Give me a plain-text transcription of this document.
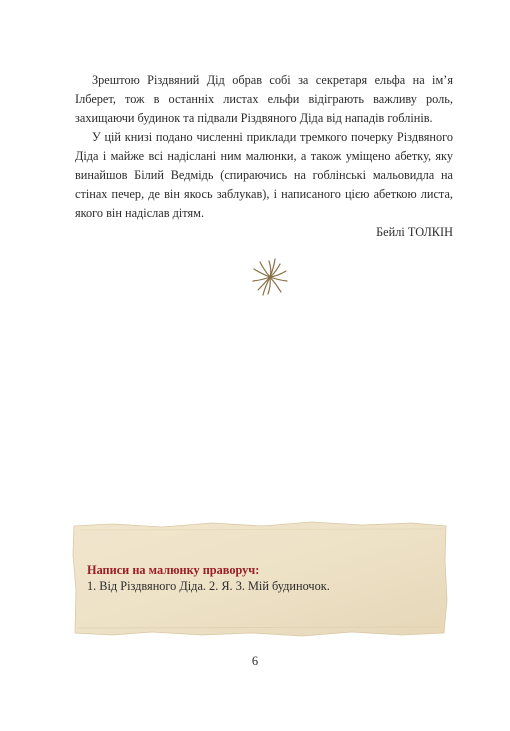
Зрештою Різдвяний Дід обрав собі за секретаря ельфа на ім’я Ілберет, тож в останніх листах ельфи відіграють важливу роль, захищаючи будинок та підвали Різдвяного Діда від нападів гоблінів.

У цій книзі подано численні приклади тремкого почерку Різдвяного Діда і майже всі надіслані ним малюнки, а також уміщено абетку, яку винайшов Білий Ведмідь (спираючись на гоблінські мальовидла на стінах печер, де він якось заблукав), і написаного цією абеткою листа, якого він надіслав дітям.

Бейлі ТОЛКІН

Написи на малюнку праворуч:

1. Від Різдвяного Діда. 2. Я. 3. Мій будиночок.

6
